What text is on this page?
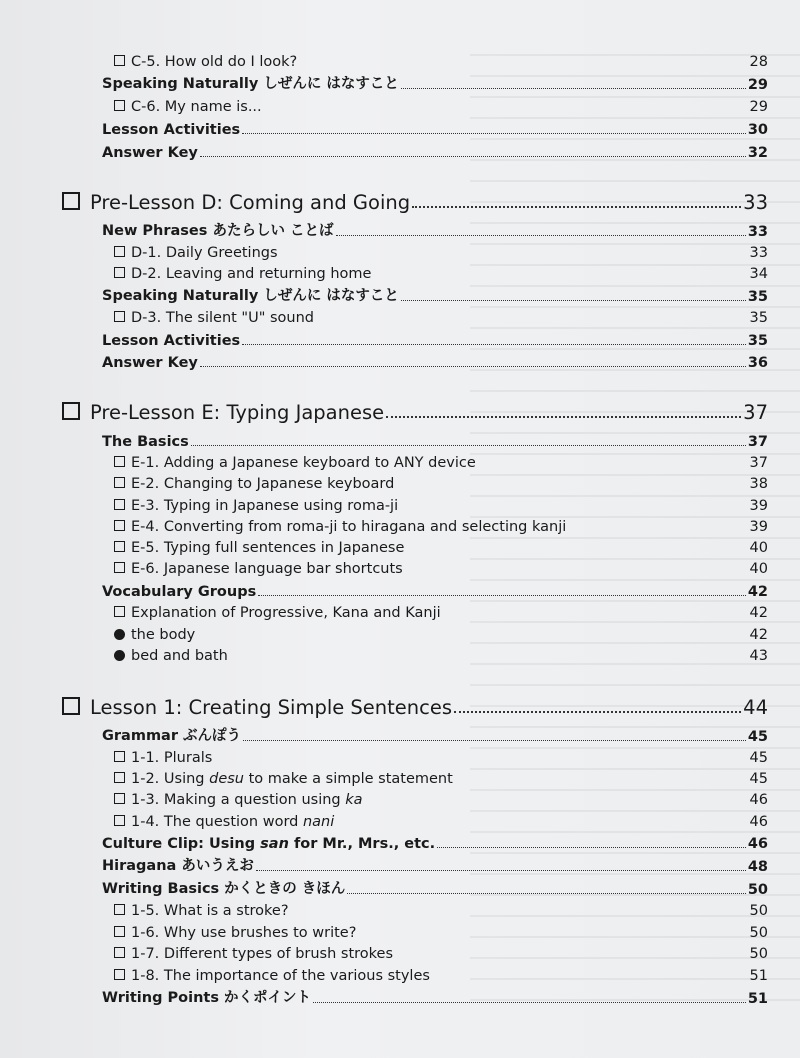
C-5. How old do I look?	28
Speaking Naturally しぜんに はなすこと	29
C-6. My name is...	29
Lesson Activities	30
Answer Key	32
Pre-Lesson D: Coming and Going	33
New Phrases あたらしい ことば	33
D-1. Daily Greetings	33
D-2. Leaving and returning home	34
Speaking Naturally しぜんに はなすこと	35
D-3. The silent "U" sound	35
Lesson Activities	35
Answer Key	36
Pre-Lesson E: Typing Japanese	37
The Basics	37
E-1. Adding a Japanese keyboard to ANY device	37
E-2. Changing to Japanese keyboard	38
E-3. Typing in Japanese using roma-ji	39
E-4. Converting from roma-ji to hiragana and selecting kanji	39
E-5. Typing full sentences in Japanese	40
E-6. Japanese language bar shortcuts	40
Vocabulary Groups	42
Explanation of Progressive, Kana and Kanji	42
the body	42
bed and bath	43
Lesson 1: Creating Simple Sentences	44
Grammar ぶんぽう	45
1-1. Plurals	45
1-2. Using desu to make a simple statement	45
1-3. Making a question using ka	46
1-4. The question word nani	46
Culture Clip: Using san for Mr., Mrs., etc.	46
Hiragana あいうえお	48
Writing Basics かくときの きほん	50
1-5. What is a stroke?	50
1-6. Why use brushes to write?	50
1-7. Different types of brush strokes	50
1-8. The importance of the various styles	51
Writing Points かくポイント	51
